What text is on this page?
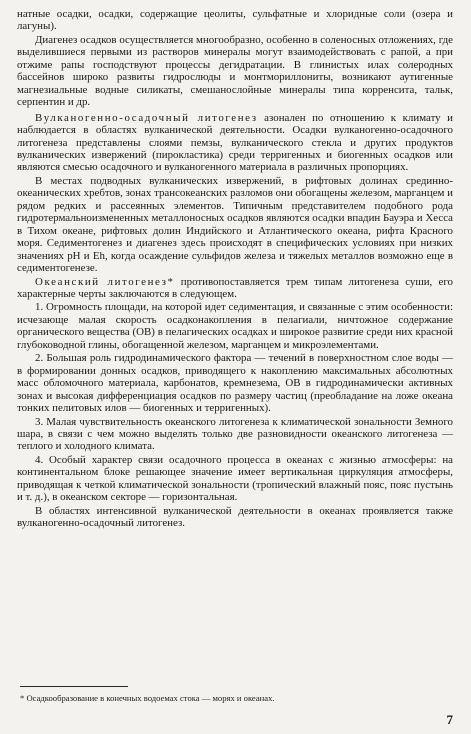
натные осадки, осадки, содержащие цеолиты, сульфатные и хлоридные соли (озера и лагуны).

Диагенез осадков осуществляется многообразно, особенно в соленосных отложениях, где выделившиеся первыми из растворов минералы могут взаимодействовать с рапой, а при отжиме рапы господствуют процессы дегидратации. В глинистых илах солеродных бассейнов широко развиты гидрослюды и монтмориллониты, возникают аутигенные магнезиальные водные силикаты, смешанослойные минералы типа корренсита, тальк, серпентин и др.

Вулканогенно-осадочный литогенез азонален по отношению к климату и наблюдается в областях вулканической деятельности. Осадки вулканогенно-осадочного литогенеза представлены слоями пемзы, вулканического стекла и других продуктов вулканических извержений (пирокластика) среди терригенных и биогенных осадков или являются смесью осадочного и вулканогенного материала в различных пропорциях.

В местах подводных вулканических извержений, в рифтовых долинах срединно-океанических хребтов, зонах трансокеанских разломов они обогащены железом, марганцем и рядом редких и рассеянных элементов. Типичным представителем подобного рода гидротермальноизмененных металлоносных осадков являются осадки впадин Бауэра и Хесса в Тихом океане, рифтовых долин Индийского и Атлантического океана, рифта Красного моря. Седиментогенез и диагенез здесь происходят в специфических условиях при низких значениях pH и Eh, когда осаждение сульфидов железа и тяжелых металлов возможно еще в седиментогенезе.

Океанский литогенез* противопоставляется трем типам литогенеза суши, его характерные черты заключаются в следующем.

1. Огромность площади, на которой идет седиментация, и связанные с этим особенности: исчезающе малая скорость осадконакопления в пелагиали, ничтожное содержание органического вещества (ОВ) в пелагических осадках и широкое развитие среди них красной глубоководной глины, обогащенной железом, марганцем и микроэлементами.

2. Большая роль гидродинамического фактора — течений в поверхностном слое воды — в формировании донных осадков, приводящего к накоплению максимальных абсолютных масс обломочного материала, карбонатов, кремнезема, ОВ в гидродинамически активных зонах и высокая дифференциация осадков по размеру частиц (преобладание на ложе океана тонких пелитовых илов — биогенных и терригенных).

3. Малая чувствительность океанского литогенеза к климатической зональности Земного шара, в связи с чем можно выделять только две разновидности океанского литогенеза — теплого и холодного климата.

4. Особый характер связи осадочного процесса в океанах с жизнью атмосферы: на континентальном блоке решающее значение имеет вертикальная циркуляция атмосферы, приводящая к четкой климатической зональности (тропический влажный пояс, пояс пустынь и т. д.), в океанском секторе — горизонтальная.

В областях интенсивной вулканической деятельности в океанах проявляется также вулканогенно-осадочный литогенез.

* Осадкообразование в конечных водоемах стока — морях и океанах.

7
